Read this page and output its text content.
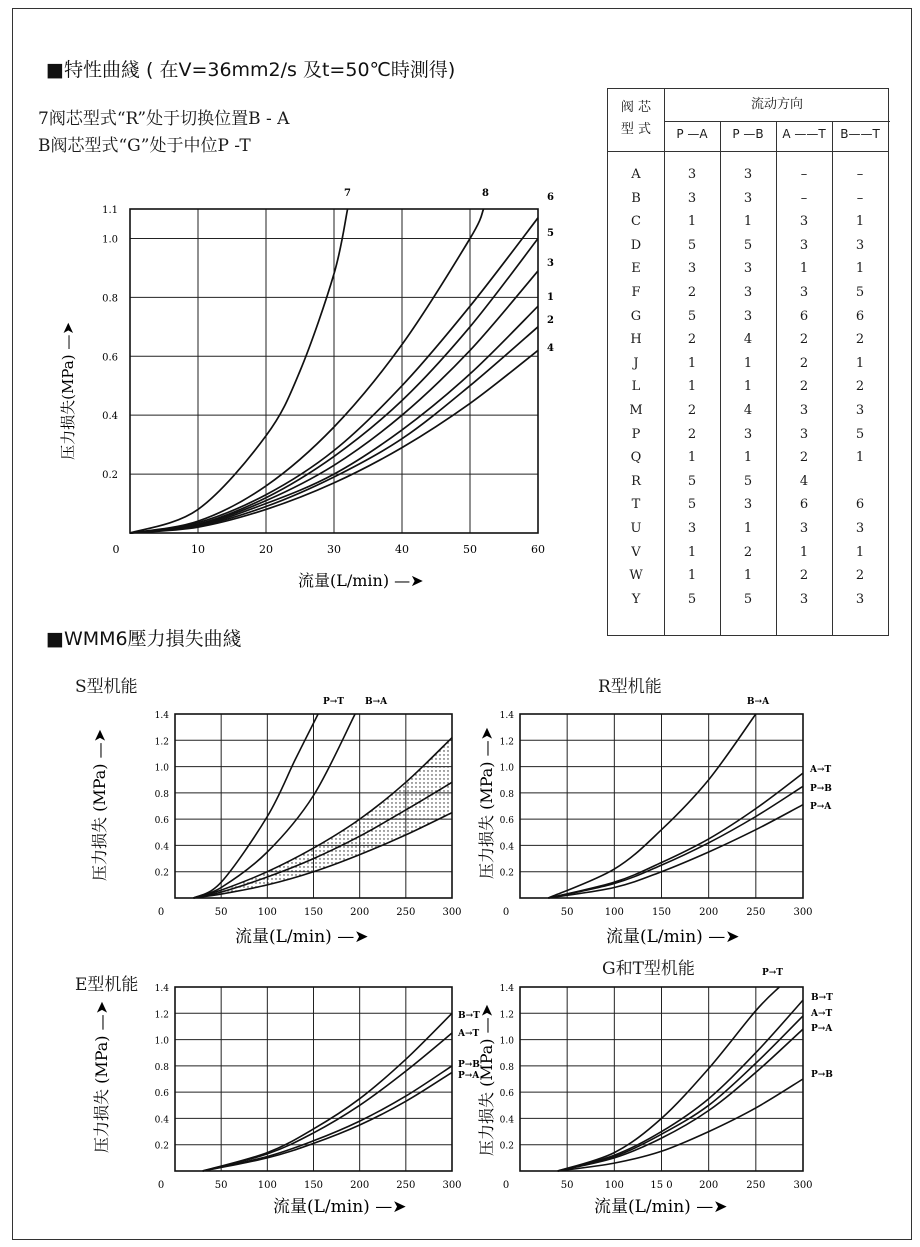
■特性曲綫 ( 在V=36mm2/s 及t=50℃時測得)
7阀芯型式“R”处于切换位置B - A
B阀芯型式“G”处于中位P -T
0	10	20	30	40	50	60
0.2
0.4
0.6
0.8
1.0
1.1
7	8	6
5
3
1
2
4
流量(L/min) —➤
压力损失(MPa) —➤
阀 芯
型 式
流动方向
P —A	P —B	A ——T	B——T
A	3	3	–	–
B	3	3	–	–
C	1	1	3	1
D	5	5	3	3
E	3	3	1	1
F	2	3	3	5
G	5	3	6	6
H	2	4	2	2
J	1	1	2	1
L	1	1	2	2
M	2	4	3	3
P	2	3	3	5
Q	1	1	2	1
R	5	5	4
T	5	3	6	6
U	3	1	3	3
V	1	2	1	1
W	1	1	2	2
Y	5	5	3	3
■WMM6壓力損失曲綫
S型机能	R型机能
E型机能
G和T型机能
0	50	100	150	200	250	300
0.2
0.4
0.6
0.8
1.0
1.2
1.4
P→T B→A
流量(L/min) —➤
压力损失 (MPa) —➤
0	50	100	150	200	250	300
0.2
0.4
0.6
0.8
1.0
1.2
1.4
B→A
A→T
P→B
P→A
流量(L/min) —➤
压力损失 (MPa) —➤
0	50	100	150	200	250	300
0.2
0.4
0.6
0.8
1.0
1.2
1.4
B→T
A→T
P→B
P→A
流量(L/min) —➤
压力损失 (MPa) —➤
0	50	100	15 0	200	250	300
0.2
0.4
0.6
0.8
1.0
1.2
1.4
P→T
B→T
A→T
P→A
P→B
流量(L/min) —➤
压力损失 (MPa) —➤
